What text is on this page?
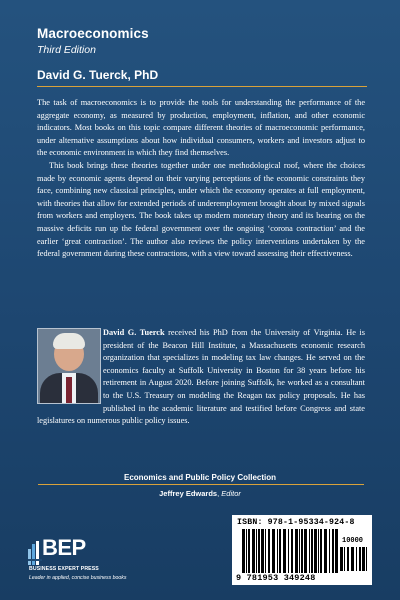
Macroeconomics
Third Edition
David G. Tuerck, PhD

The task of macroeconomics is to provide the tools for understanding the performance of the aggregate economy, as measured by production, employment, inflation, and other economic indicators. Most books on this topic compare different theories of macroeconomic performance, under alternative assumptions about how individual consumers, workers and investors adjust to the economic environment in which they find themselves.

This book brings these theories together under one methodological roof, where the choices made by economic agents depend on their varying perceptions of the economic constraints they face, combining new classical principles, under which the economy operates at full employment, with theories that allow for extended periods of underemployment brought about by mixed signals from workers and employers. The book takes up modern monetary theory and its bearing on the massive deficits run up the federal government over the ongoing ‘corona contraction’ and the earlier ‘great contraction’. The author also reviews the policy interventions undertaken by the federal government during these contractions, with a view toward assessing their effectiveness.

David G. Tuerck received his PhD from the University of Virginia. He is president of the Beacon Hill Institute, a Massachusetts economic research organization that specializes in modeling tax law changes. He served on the economics faculty at Suffolk University in Boston for 38 years before his retirement in August 2020. Before joining Suffolk, he worked as a consultant to the U.S. Treasury on modeling the Reagan tax policy proposals. He has published in the academic literature and testified before Congress and state legislatures on numerous public policy issues.
Economics and Public Policy Collection
Jeffrey Edwards, Editor
BEP
BUSINESS EXPERT PRESS
Leader in applied, concise business books
ISBN: 978-1-95334-924-8
10000
9 781953 349248
